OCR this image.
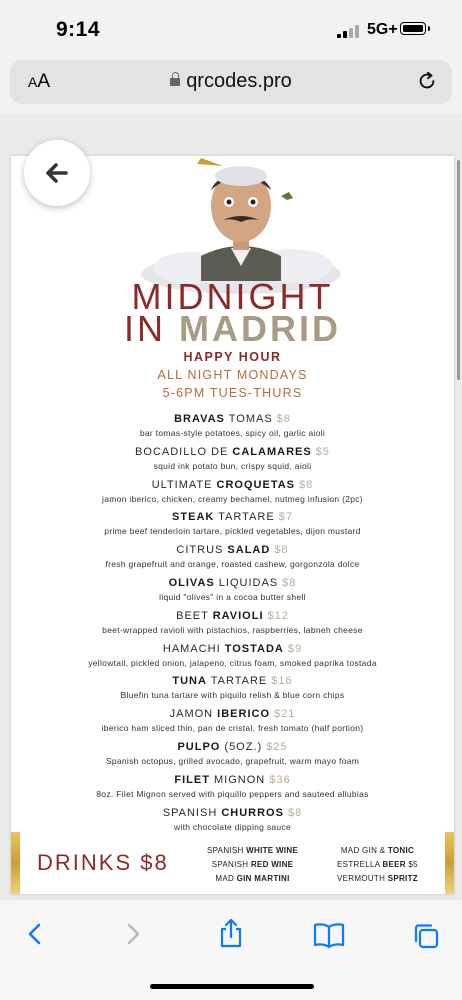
9:14	5G+
AA	qrcodes.pro
MIDNIGHT
IN MADRID
HAPPY HOUR
ALL NIGHT MONDAYS
5-6PM TUES-THURS
BRAVAS TOMAS $8
bar tomas-style potatoes, spicy oil, garlic aioli
BOCADILLO DE CALAMARES $5
squid ink potato bun, crispy squid, aioli
ULTIMATE CROQUETAS $8
jamon iberico, chicken, creamy bechamel, nutmeg infusion (2pc)
STEAK TARTARE $7
prime beef tenderloin tartare, pickled vegetables, dijon mustard
CITRUS SALAD $8
fresh grapefruit and orange, roasted cashew, gorgonzola dolce
OLIVAS LIQUIDAS $8
liquid "olives" in a cocoa butter shell
BEET RAVIOLI $12
beet-wrapped ravioli with pistachios, raspberries, labneh cheese
HAMACHI TOSTADA $9
yellowtail, pickled onion, jalapeno, citrus foam, smoked paprika tostada
TUNA TARTARE $16
Bluefin tuna tartare with piquilo relish & blue corn chips
JAMON IBERICO $21
iberico ham sliced thin, pan de cristal, fresh tomato (half portion)
PULPO (5OZ.) $25
Spanish octopus, grilled avocado, grapefruit, warm mayo foam
FILET MIGNON $36
8oz. Filet Mignon served with piquillo peppers and sauteed allubias
SPANISH CHURROS $8
with chocolate dipping sauce
DRINKS $8	SPANISH WHITE WINE
SPANISH RED WINE
MAD GIN MARTINI
MAD GIN & TONIC
ESTRELLA BEER $5
VERMOUTH SPRITZ
